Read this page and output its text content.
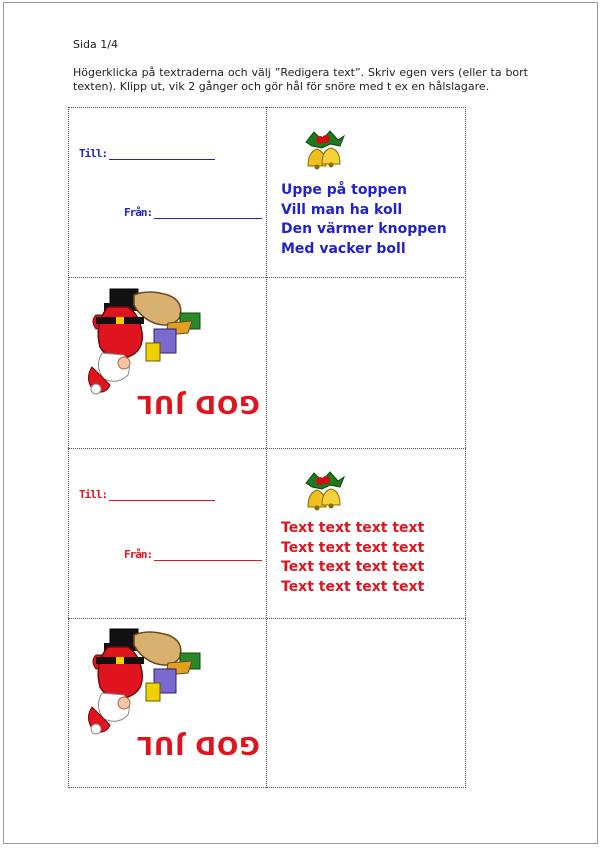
Sida 1/4
Högerklicka på textraderna och välj ”Redigera text”. Skriv egen vers (eller ta bort texten). Klipp ut, vik 2 gånger och gör hål för snöre med t ex en hålslagare.
Till:
Från:
Uppe på toppen
Vill man ha koll
Den värmer knoppen
Med vacker boll
GOD JUL
Till:
Från:
Text text text text
Text text text text
Text text text text
Text text text text
GOD JUL
